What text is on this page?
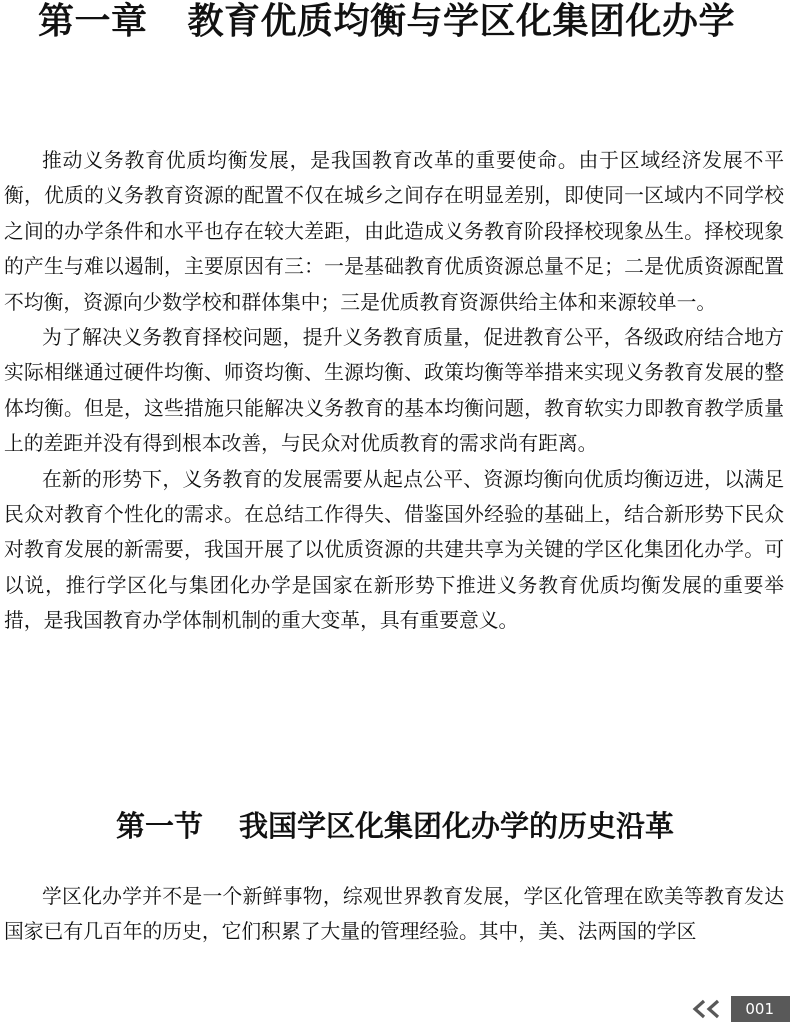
第一章 教育优质均衡与学区化集团化办学

推动义务教育优质均衡发展，是我国教育改革的重要使命。由于区域经济发展不平衡，优质的义务教育资源的配置不仅在城乡之间存在明显差别，即使同一区域内不同学校之间的办学条件和水平也存在较大差距，由此造成义务教育阶段择校现象丛生。择校现象的产生与难以遏制，主要原因有三：一是基础教育优质资源总量不足；二是优质资源配置不均衡，资源向少数学校和群体集中；三是优质教育资源供给主体和来源较单一。

为了解决义务教育择校问题，提升义务教育质量，促进教育公平，各级政府结合地方实际相继通过硬件均衡、师资均衡、生源均衡、政策均衡等举措来实现义务教育发展的整体均衡。但是，这些措施只能解决义务教育的基本均衡问题，教育软实力即教育教学质量上的差距并没有得到根本改善，与民众对优质教育的需求尚有距离。

在新的形势下，义务教育的发展需要从起点公平、资源均衡向优质均衡迈进，以满足民众对教育个性化的需求。在总结工作得失、借鉴国外经验的基础上，结合新形势下民众对教育发展的新需要，我国开展了以优质资源的共建共享为关键的学区化集团化办学。可以说，推行学区化与集团化办学是国家在新形势下推进义务教育优质均衡发展的重要举措，是我国教育办学体制机制的重大变革，具有重要意义。

第一节 我国学区化集团化办学的历史沿革

学区化办学并不是一个新鲜事物，综观世界教育发展，学区化管理在欧美等教育发达国家已有几百年的历史，它们积累了大量的管理经验。其中，美、法两国的学区

001
